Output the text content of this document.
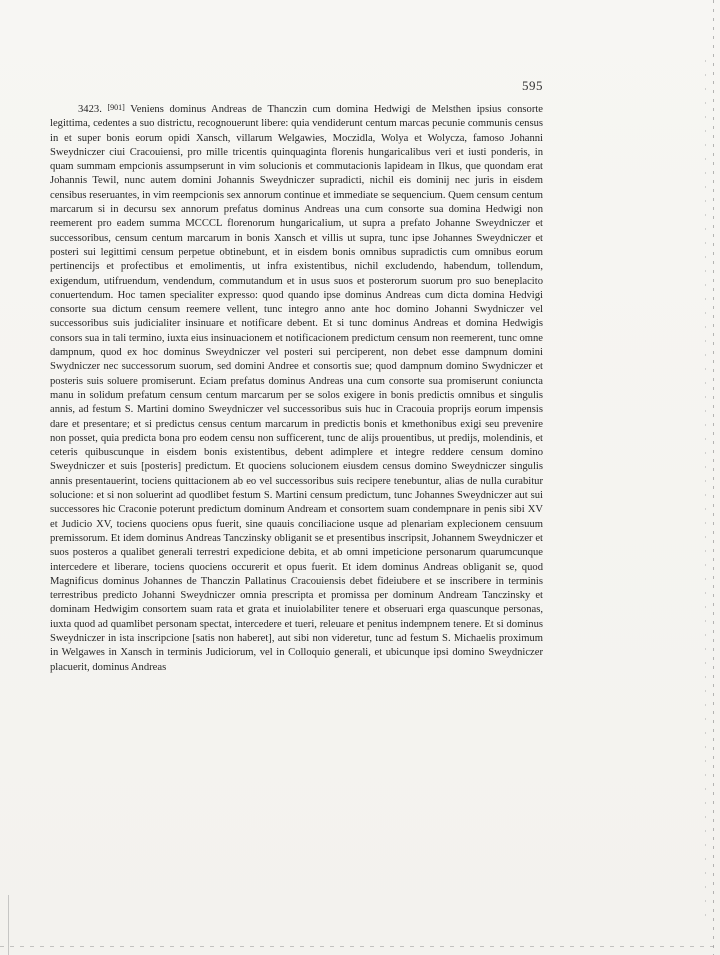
595

3423. [901] Veniens dominus Andreas de Thanczin cum domina Hedwigi de Melsthen ipsius consorte legittima, cedentes a suo districtu, recognouerunt libere: quia vendiderunt centum marcas pecunie communis census in et super bonis eorum opidi Xansch, villarum Welgawies, Moczidla, Wolya et Wolycza, famoso Johanni Sweydniczer ciui Cracouiensi, pro mille tricentis quinquaginta florenis hungaricalibus veri et iusti ponderis, in quam summam empcionis assumpserunt in vim solucionis et commutacionis lapideam in Ilkus, que quondam erat Johannis Tewil, nunc autem domini Johannis Sweydniczer supradicti, nichil eis dominij nec juris in eisdem censibus reseruantes, in vim reempcionis sex annorum continue et immediate se sequencium. Quem censum centum marcarum si in decursu sex annorum prefatus dominus Andreas una cum consorte sua domina Hedwigi non reemerent pro eadem summa MCCCL florenorum hungaricalium, ut supra a prefato Johanne Sweydniczer et successoribus, censum centum marcarum in bonis Xansch et villis ut supra, tunc ipse Johannes Sweydniczer et posteri sui legittimi censum perpetue obtinebunt, et in eisdem bonis omnibus supradictis cum omnibus eorum pertinencijs et profectibus et emolimentis, ut infra existentibus, nichil excludendo, habendum, tollendum, exigendum, utifruendum, vendendum, commutandum et in usus suos et posterorum suorum pro suo beneplacito conuertendum. Hoc tamen specialiter expresso: quod quando ipse dominus Andreas cum dicta domina Hedvigi consorte sua dictum censum reemere vellent, tunc integro anno ante hoc domino Johanni Swydniczer vel successoribus suis judicialiter insinuare et notificare debent. Et si tunc dominus Andreas et domina Hedwigis consors sua in tali termino, iuxta eius insinuacionem et notificacionem predictum censum non reemerent, tunc omne dampnum, quod ex hoc dominus Sweydniczer vel posteri sui perciperent, non debet esse dampnum domini Swydniczer nec successorum suorum, sed domini Andree et consortis sue; quod dampnum domino Swydniczer et posteris suis soluere promiserunt. Eciam prefatus dominus Andreas una cum consorte sua promiserunt coniuncta manu in solidum prefatum censum centum marcarum per se solos exigere in bonis predictis omnibus et singulis annis, ad festum S. Martini domino Sweydniczer vel successoribus suis huc in Cracouia proprijs eorum impensis dare et presentare; et si predictus census centum marcarum in predictis bonis et kmethonibus exigi seu prevenire non posset, quia predicta bona pro eodem censu non sufficerent, tunc de alijs prouentibus, ut predijs, molendinis, et ceteris quibuscunque in eisdem bonis existentibus, debent adimplere et integre reddere censum domino Sweydniczer et suis [posteris] predictum. Et quociens solucionem eiusdem census domino Sweydniczer singulis annis presentauerint, tociens quittacionem ab eo vel successoribus suis recipere tenebuntur, alias de nulla curabitur solucione: et si non soluerint ad quodlibet festum S. Martini censum predictum, tunc Johannes Sweydniczer aut sui successores hic Craconie poterunt predictum dominum Andream et consortem suam condempnare in penis sibi XV et Judicio XV, tociens quociens opus fuerit, sine quauis conciliacione usque ad plenariam explecionem censuum premissorum. Et idem dominus Andreas Tanczinsky obliganit se et presentibus inscripsit, Johannem Sweydniczer et suos posteros a qualibet generali terrestri expedicione debita, et ab omni impeticione personarum quarumcunque intercedere et liberare, tociens quociens occurerit et opus fuerit. Et idem dominus Andreas obliganit se, quod Magnificus dominus Johannes de Thanczin Pallatinus Cracouiensis debet fideiubere et se inscribere in terminis terrestribus predicto Johanni Sweydniczer omnia prescripta et promissa per dominum Andream Tanczinsky et dominam Hedwigim consortem suam rata et grata et inuiolabiliter tenere et obseruari erga quascunque personas, iuxta quod ad quamlibet personam spectat, intercedere et tueri, releuare et penitus indempnem tenere. Et si dominus Sweydniczer in ista inscripcione [satis non haberet], aut sibi non videretur, tunc ad festum S. Michaelis proximum in Welgawes in Xansch in terminis Judiciorum, vel in Colloquio generali, et ubicunque ipsi domino Sweydniczer placuerit, dominus Andreas
